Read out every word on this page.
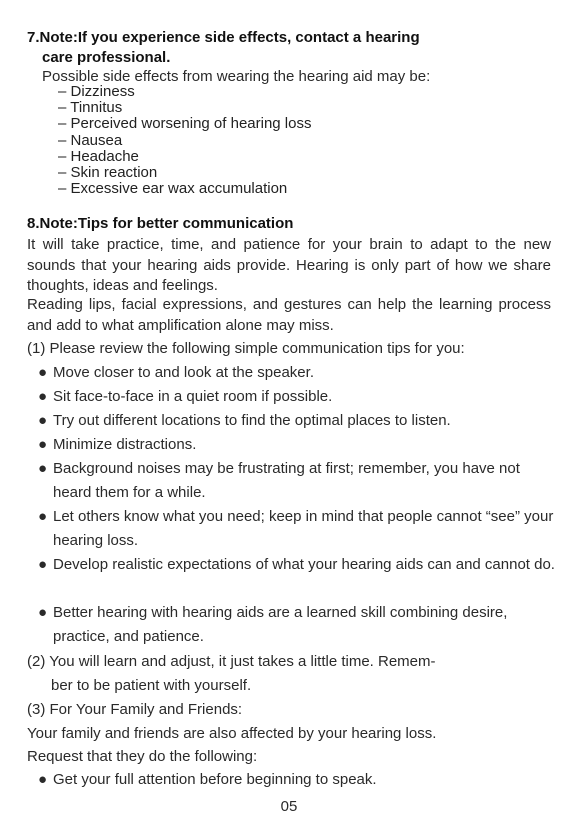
7.Note:If you experience side effects, contact a hearing
care professional.
Possible side effects from wearing the hearing aid may be:
– Dizziness
– Tinnitus
– Perceived worsening of hearing loss
– Nausea
– Headache
– Skin reaction
– Excessive ear wax accumulation
8.Note:Tips for better communication
It will take practice, time, and patience for your brain to adapt to the new sounds that your hearing aids provide. Hearing is only part of how we share thoughts, ideas and feelings.
Reading lips, facial expressions, and gestures can help the learning process and add to what amplification alone may miss.
(1) Please review the following simple communication tips for you:
● Move closer to and look at the speaker.
● Sit face-to-face in a quiet room if possible.
● Try out different locations to find the optimal places to listen.
● Minimize distractions.
● Background noises may be frustrating at first; remember, you have not heard them for a while.
● Let others know what you need; keep in mind that people cannot “see” your hearing loss.
● Develop realistic expectations of what your hearing aids can and cannot do.
● Better hearing with hearing aids are a learned skill combining desire, practice, and patience.
(2) You will learn and adjust, it just takes a little time. Remem-
ber to be patient with yourself.
(3) For Your Family and Friends:
Your family and friends are also affected by your hearing loss.
Request that they do the following:
● Get your full attention before beginning to speak.
05
